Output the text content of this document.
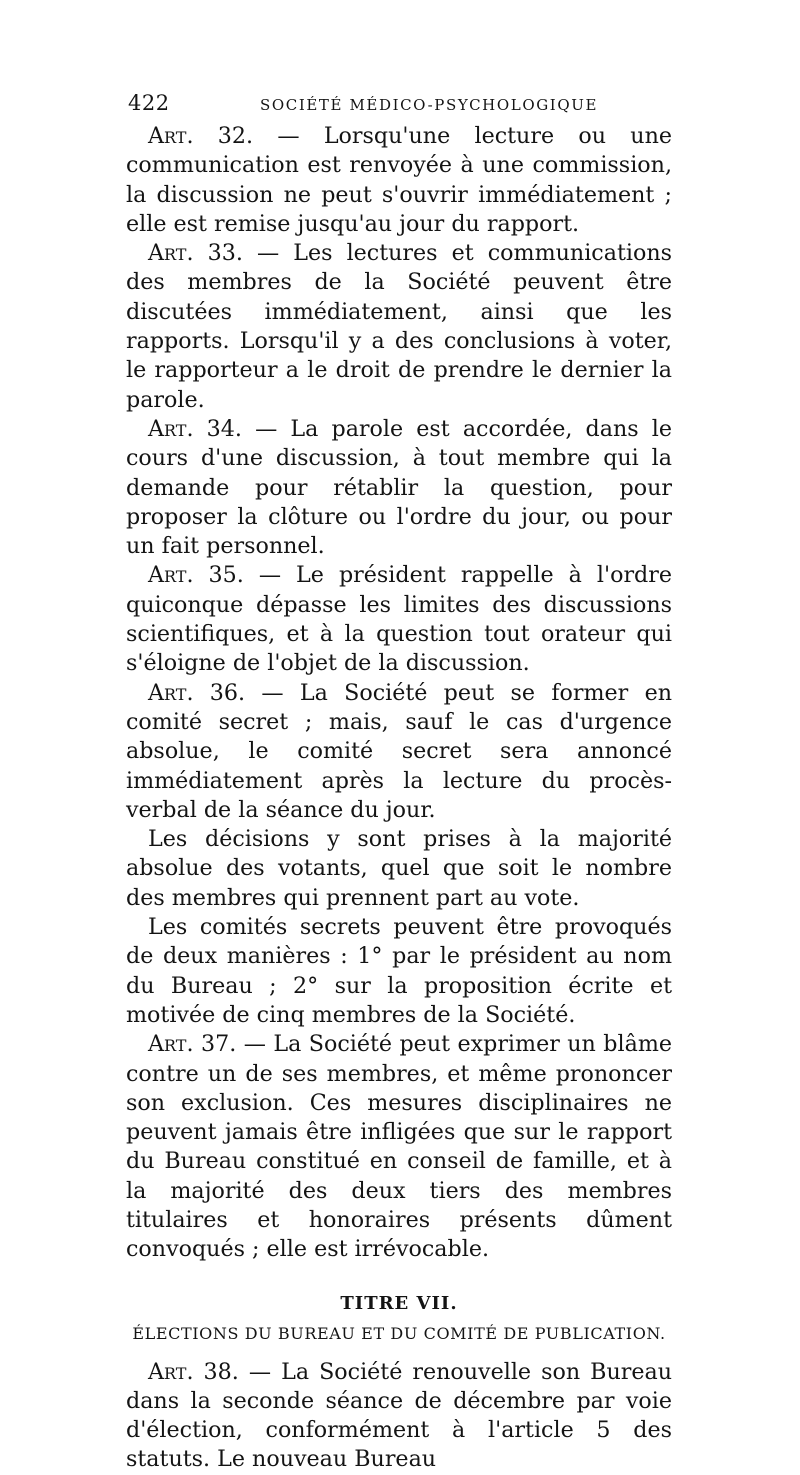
422	SOCIÉTÉ MÉDICO-PSYCHOLOGIQUE

Art. 32. — Lorsqu'une lecture ou une communication est renvoyée à une commission, la discussion ne peut s'ouvrir immédiatement ; elle est remise jusqu'au jour du rapport.

Art. 33. — Les lectures et communications des membres de la Société peuvent être discutées immédiatement, ainsi que les rapports. Lorsqu'il y a des conclusions à voter, le rapporteur a le droit de prendre le dernier la parole.

Art. 34. — La parole est accordée, dans le cours d'une discussion, à tout membre qui la demande pour rétablir la question, pour proposer la clôture ou l'ordre du jour, ou pour un fait personnel.

Art. 35. — Le président rappelle à l'ordre quiconque dépasse les limites des discussions scientifiques, et à la question tout orateur qui s'éloigne de l'objet de la discussion.

Art. 36. — La Société peut se former en comité secret ; mais, sauf le cas d'urgence absolue, le comité secret sera annoncé immédiatement après la lecture du procès-verbal de la séance du jour.

Les décisions y sont prises à la majorité absolue des votants, quel que soit le nombre des membres qui prennent part au vote.

Les comités secrets peuvent être provoqués de deux manières : 1° par le président au nom du Bureau ; 2° sur la proposition écrite et motivée de cinq membres de la Société.

Art. 37. — La Société peut exprimer un blâme contre un de ses membres, et même prononcer son exclusion. Ces mesures disciplinaires ne peuvent jamais être infligées que sur le rapport du Bureau constitué en conseil de famille, et à la majorité des deux tiers des membres titulaires et honoraires présents dûment convoqués ; elle est irrévocable.

TITRE VII.

ÉLECTIONS DU BUREAU ET DU COMITÉ DE PUBLICATION.

Art. 38. — La Société renouvelle son Bureau dans la seconde séance de décembre par voie d'élection, conformément à l'article 5 des statuts. Le nouveau Bureau
